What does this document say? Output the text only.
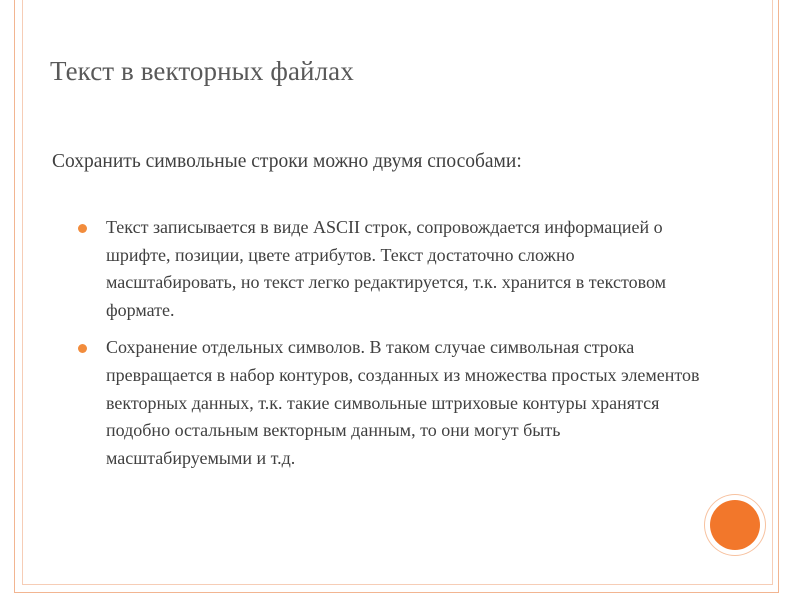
Текст в векторных файлах

Сохранить символьные строки можно двумя способами:

Текст записывается в виде ASCII строк, сопровождается информацией о шрифте, позиции, цвете атрибутов. Текст достаточно сложно масштабировать, но текст легко редактируется, т.к. хранится в текстовом формате.
Сохранение отдельных символов. В таком случае символьная строка превращается в набор контуров, созданных из множества простых элементов векторных данных, т.к. такие символьные штриховые контуры хранятся подобно остальным векторным данным, то они могут быть масштабируемыми и т.д.
